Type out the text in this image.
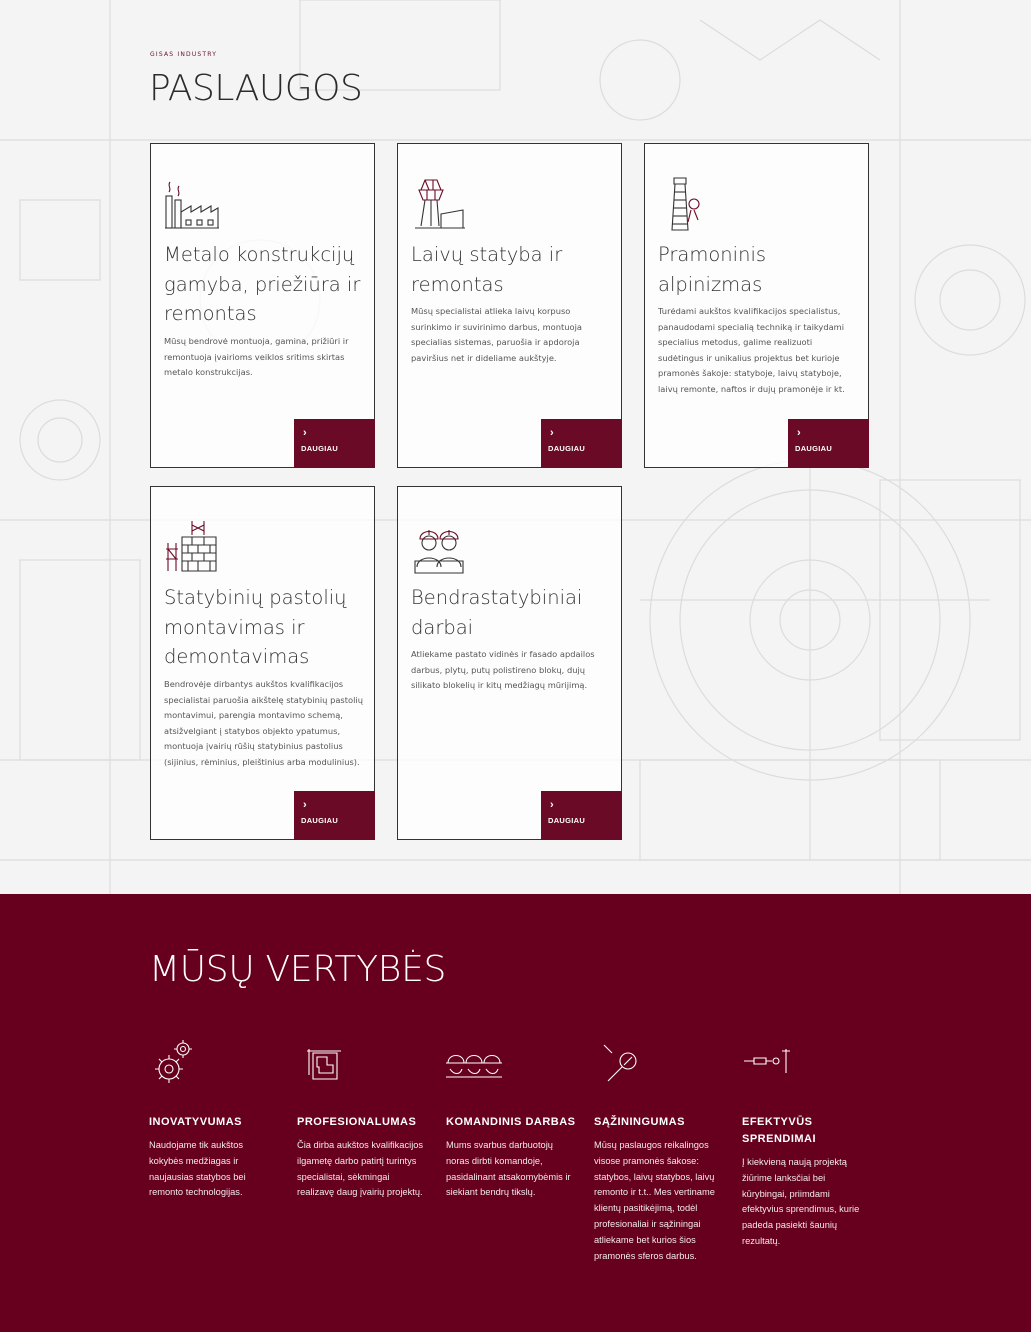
GISAS INDUSTRY
PASLAUGOS
Metalo konstrukcijų gamyba, priežiūra ir remontas
Mūsų bendrovė montuoja, gamina, prižiūri ir remontuoja įvairioms veiklos sritims skirtas metalo konstrukcijas.
›
DAUGIAU
Laivų statyba ir remontas
Mūsų specialistai atlieka laivų korpuso surinkimo ir suvirinimo darbus, montuoja specialias sistemas, paruošia ir apdoroja paviršius net ir dideliame aukštyje.
›
DAUGIAU
Pramoninis alpinizmas
Turėdami aukštos kvalifikacijos specialistus, panaudodami specialią techniką ir taikydami specialius metodus, galime realizuoti sudėtingus ir unikalius projektus bet kurioje pramonės šakoje: statyboje, laivų statyboje, laivų remonte, naftos ir dujų pramonėje ir kt.
›
DAUGIAU
Statybinių pastolių montavimas ir demontavimas
Bendrovėje dirbantys aukštos kvalifikacijos specialistai paruošia aikštelę statybinių pastolių montavimui, parengia montavimo schemą, atsižvelgiant į statybos objekto ypatumus, montuoja įvairių rūšių statybinius pastolius (sijinius, rėminius, pleištinius arba modulinius).
›
DAUGIAU
Bendrastatybiniai darbai
Atliekame pastato vidinės ir fasado apdailos darbus, plytų, putų polistireno blokų, dujų silikato blokelių ir kitų medžiagų mūrijimą.
›
DAUGIAU
MŪSŲ VERTYBĖS
INOVATYVUMAS
Naudojame tik aukštos kokybės medžiagas ir naujausias statybos bei remonto technologijas.
PROFESIONALUMAS
Čia dirba aukštos kvalifikacijos ilgametę darbo patirtį turintys specialistai, sėkmingai realizavę daug įvairių projektų.
KOMANDINIS DARBAS
Mums svarbus darbuotojų noras dirbti komandoje, pasidalinant atsakomybėmis ir siekiant bendrų tikslų.
SĄŽININGUMAS
Mūsų paslaugos reikalingos visose pramonės šakose: statybos, laivų statybos, laivų remonto ir t.t.. Mes vertiname klientų pasitikėjimą, todėl profesionaliai ir sąžiningai atliekame bet kurios šios pramonės sferos darbus.
EFEKTYVŪS SPRENDIMAI
Į kiekvieną naują projektą žiūrime lanksčiai bei kūrybingai, priimdami efektyvius sprendimus, kurie padeda pasiekti šaunių rezultatų.
